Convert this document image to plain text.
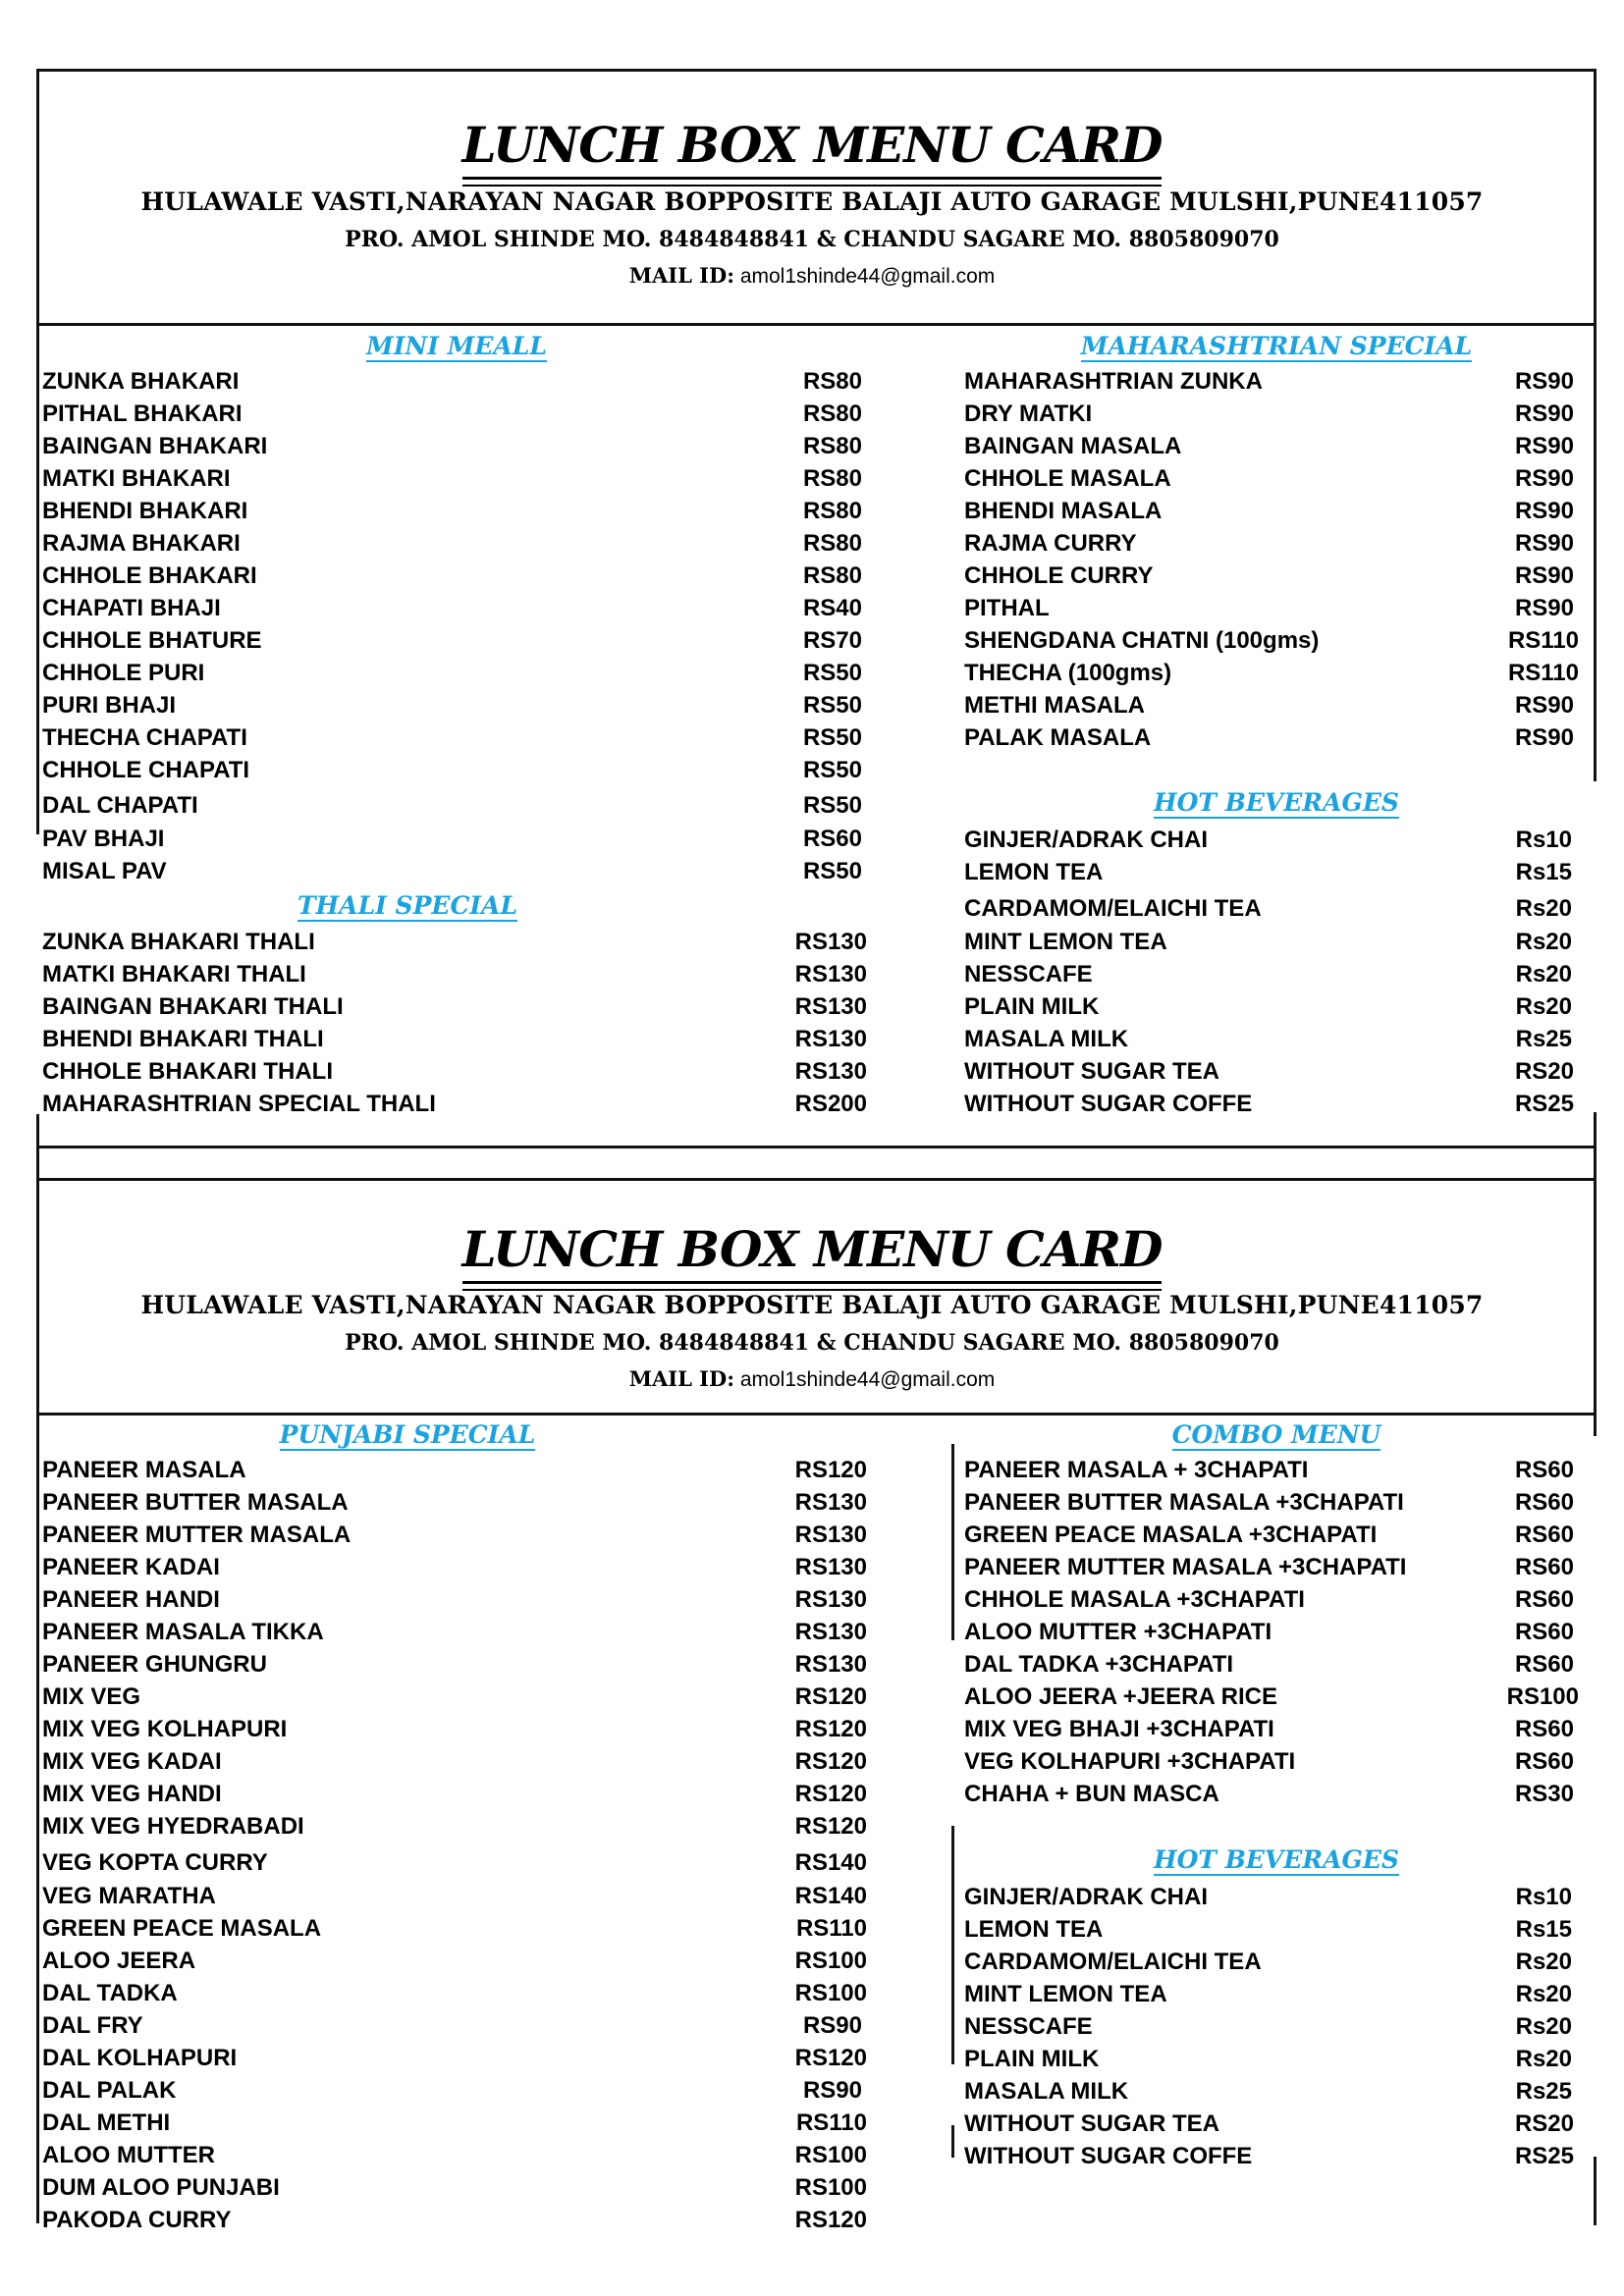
LUNCH BOX MENU CARD
HULAWALE VASTI,NARAYAN NAGAR BOPPOSITE BALAJI AUTO GARAGE MULSHI,PUNE411057
PRO. AMOL SHINDE MO. 8484848841 & CHANDU SAGARE MO. 8805809070
MAIL ID: amol1shinde44@gmail.com
MINI MEALL
ZUNKA BHAKARI	RS80
PITHAL BHAKARI	RS80
BAINGAN BHAKARI	RS80
MATKI BHAKARI	RS80
BHENDI BHAKARI	RS80
RAJMA BHAKARI	RS80
CHHOLE BHAKARI	RS80
CHAPATI BHAJI	RS40
CHHOLE BHATURE	RS70
CHHOLE PURI	RS50
PURI BHAJI	RS50
THECHA CHAPATI	RS50
CHHOLE CHAPATI	RS50
DAL CHAPATI	RS50
PAV BHAJI	RS60
MISAL PAV	RS50
THALI SPECIAL
ZUNKA BHAKARI THALI	RS130
MATKI BHAKARI THALI	RS130
BAINGAN BHAKARI THALI	RS130
BHENDI BHAKARI THALI	RS130
CHHOLE BHAKARI THALI	RS130
MAHARASHTRIAN SPECIAL THALI	RS200
MAHARASHTRIAN SPECIAL
MAHARASHTRIAN ZUNKA	RS90
DRY MATKI	RS90
BAINGAN MASALA	RS90
CHHOLE MASALA	RS90
BHENDI MASALA	RS90
RAJMA CURRY	RS90
CHHOLE CURRY	RS90
PITHAL	RS90
SHENGDANA CHATNI (100gms)	RS110
THECHA (100gms)	RS110
METHI MASALA	RS90
PALAK MASALA	RS90
HOT BEVERAGES
GINJER/ADRAK CHAI	Rs10
LEMON TEA	Rs15
CARDAMOM/ELAICHI TEA	Rs20
MINT LEMON TEA	Rs20
NESSCAFE	Rs20
PLAIN MILK	Rs20
MASALA MILK	Rs25
WITHOUT SUGAR TEA	RS20
WITHOUT SUGAR COFFE	RS25
LUNCH BOX MENU CARD
HULAWALE VASTI,NARAYAN NAGAR BOPPOSITE BALAJI AUTO GARAGE MULSHI,PUNE411057
PRO. AMOL SHINDE MO. 8484848841 & CHANDU SAGARE MO. 8805809070
MAIL ID: amol1shinde44@gmail.com
PUNJABI SPECIAL
PANEER MASALA	RS120
PANEER BUTTER MASALA	RS130
PANEER MUTTER MASALA	RS130
PANEER KADAI	RS130
PANEER HANDI	RS130
PANEER MASALA TIKKA	RS130
PANEER GHUNGRU	RS130
MIX VEG	RS120
MIX VEG KOLHAPURI	RS120
MIX VEG KADAI	RS120
MIX VEG HANDI	RS120
MIX VEG HYEDRABADI	RS120
VEG KOPTA CURRY	RS140
VEG MARATHA	RS140
GREEN PEACE MASALA	RS110
ALOO JEERA	RS100
DAL TADKA	RS100
DAL FRY	RS90
DAL KOLHAPURI	RS120
DAL PALAK	RS90
DAL METHI	RS110
ALOO MUTTER	RS100
DUM ALOO PUNJABI	RS100
PAKODA CURRY	RS120
COMBO MENU
PANEER MASALA + 3CHAPATI	RS60
PANEER BUTTER MASALA +3CHAPATI	RS60
GREEN PEACE MASALA +3CHAPATI	RS60
PANEER MUTTER MASALA +3CHAPATI	RS60
CHHOLE MASALA +3CHAPATI	RS60
ALOO MUTTER +3CHAPATI	RS60
DAL TADKA +3CHAPATI	RS60
ALOO JEERA +JEERA RICE	RS100
MIX VEG BHAJI +3CHAPATI	RS60
VEG KOLHAPURI +3CHAPATI	RS60
CHAHA + BUN MASCA	RS30
HOT BEVERAGES
GINJER/ADRAK CHAI	Rs10
LEMON TEA	Rs15
CARDAMOM/ELAICHI TEA	Rs20
MINT LEMON TEA	Rs20
NESSCAFE	Rs20
PLAIN MILK	Rs20
MASALA MILK	Rs25
WITHOUT SUGAR TEA	RS20
WITHOUT SUGAR COFFE	RS25
